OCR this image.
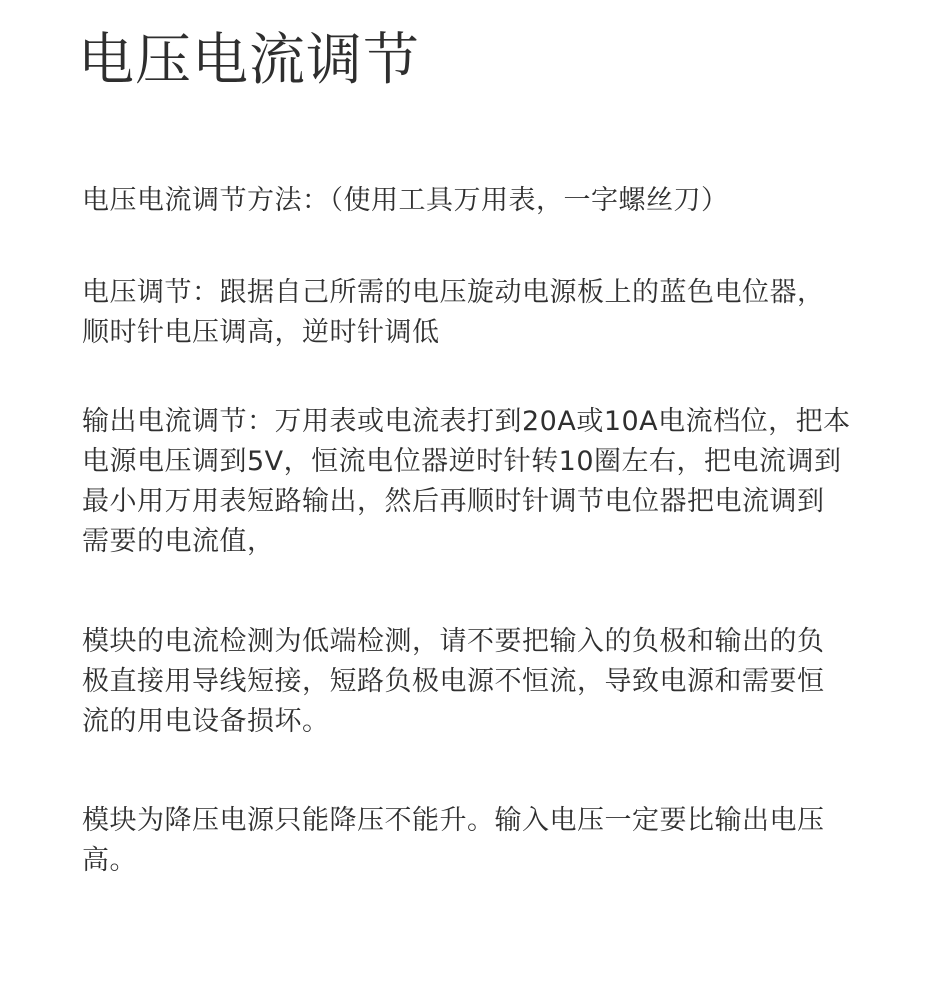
电压电流调节

电压电流调节方法：（使用工具万用表，一字螺丝刀）

电压调节：跟据自己所需的电压旋动电源板上的蓝色电位器，
顺时针电压调高，逆时针调低

输出电流调节：万用表或电流表打到20A或10A电流档位，把本
电源电压调到5V，恒流电位器逆时针转10圈左右，把电流调到
最小用万用表短路输出，然后再顺时针调节电位器把电流调到
需要的电流值，

模块的电流检测为低端检测，请不要把输入的负极和输出的负
极直接用导线短接，短路负极电源不恒流，导致电源和需要恒
流的用电设备损坏。

模块为降压电源只能降压不能升。输入电压一定要比输出电压
高。
